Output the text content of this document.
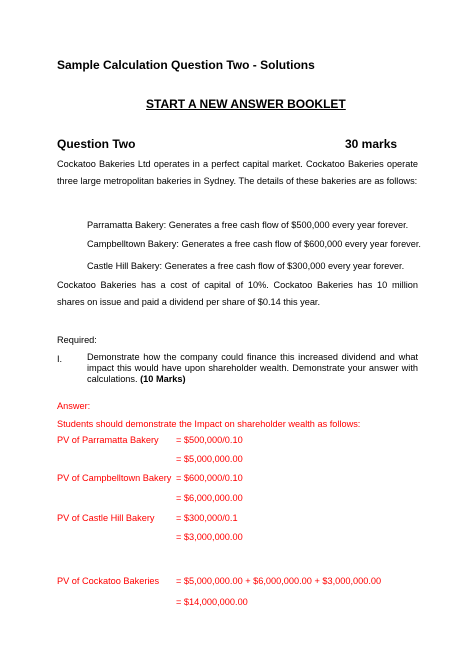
Sample Calculation Question Two - Solutions
START A NEW ANSWER BOOKLET
Question Two	30 marks
Cockatoo Bakeries Ltd operates in a perfect capital market. Cockatoo Bakeries operate three large metropolitan bakeries in Sydney. The details of these bakeries are as follows:
Parramatta Bakery: Generates a free cash flow of $500,000 every year forever.
Campbelltown Bakery: Generates a free cash flow of $600,000 every year forever.
Castle Hill Bakery: Generates a free cash flow of $300,000 every year forever.
Cockatoo Bakeries has a cost of capital of 10%. Cockatoo Bakeries has 10 million shares on issue and paid a dividend per share of $0.14 this year.
Required:
I.	Demonstrate how the company could finance this increased dividend and what impact this would have upon shareholder wealth. Demonstrate your answer with calculations. (10 Marks)
Answer:
Students should demonstrate the Impact on shareholder wealth as follows:
PV of Parramatta Bakery = $500,000/0.10
= $5,000,000.00
PV of Campbelltown Bakery = $600,000/0.10
= $6,000,000.00
PV of Castle Hill Bakery = $300,000/0.1
= $3,000,000.00
PV of Cockatoo Bakeries = $5,000,000.00 + $6,000,000.00 + $3,000,000.00
= $14,000,000.00
